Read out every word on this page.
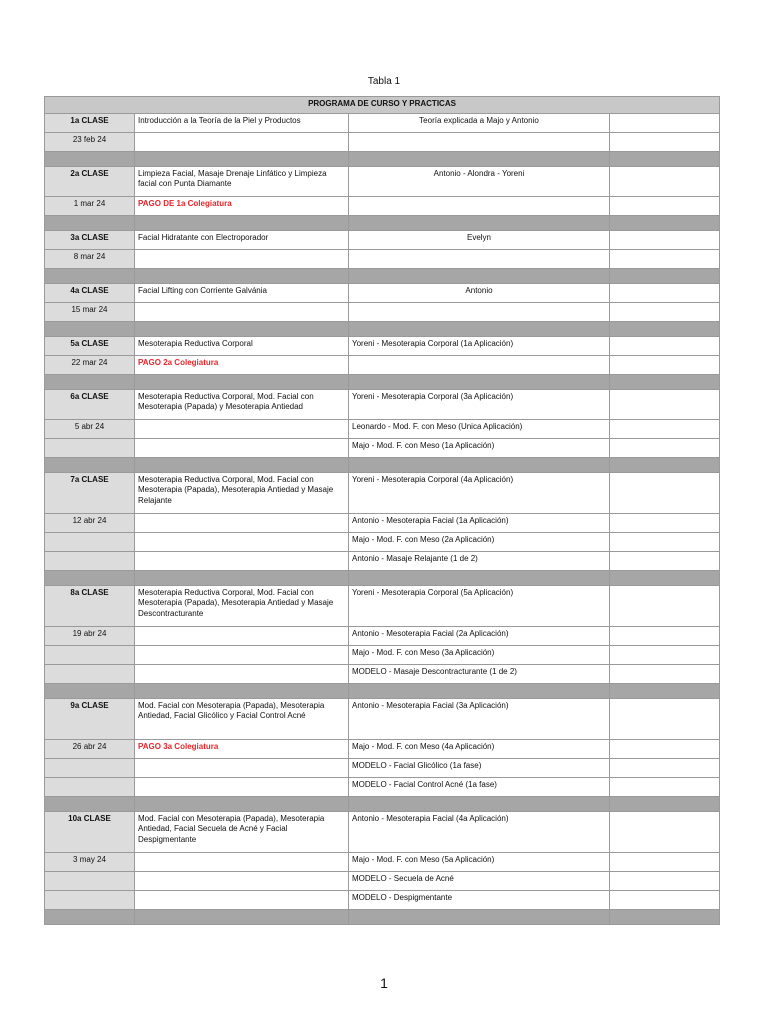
Tabla 1
PROGRAMA DE CURSO Y PRACTICAS			
1a CLASE	Introducción a la Teoría de la Piel y Productos	Teoría explicada a Majo y Antonio	
23 feb 24			

2a CLASE	Limpieza Facial, Masaje Drenaje Linfático y Limpieza facial con Punta Diamante	Antonio - Alondra - Yoreni	
1 mar 24	PAGO DE 1a Colegiatura		

3a CLASE	Facial Hidratante con Electroporador	Evelyn	
8 mar 24			

4a CLASE	Facial Lifting con Corriente Galvánia	Antonio	
15 mar 24			

5a CLASE	Mesoterapia Reductiva Corporal	Yoreni - Mesoterapia Corporal (1a Aplicación)	
22 mar 24	PAGO 2a Colegiatura		

6a CLASE	Mesoterapia Reductiva Corporal, Mod. Facial con Mesoterapia (Papada) y Mesoterapia Antiedad	Yoreni - Mesoterapia Corporal (3a Aplicación)	
5 abr 24		Leonardo - Mod. F. con Meso (Unica Aplicación)	
		Majo - Mod. F. con Meso (1a Aplicación)	

7a CLASE	Mesoterapia Reductiva Corporal, Mod. Facial con Mesoterapia (Papada), Mesoterapia Antiedad y Masaje Relajante	Yoreni - Mesoterapia Corporal (4a Aplicación)	
12 abr 24		Antonio - Mesoterapia Facial (1a Aplicación)	
		Majo - Mod. F. con Meso (2a Aplicación)	
		Antonio - Masaje Relajante (1 de 2)	

8a CLASE	Mesoterapia Reductiva Corporal, Mod. Facial con Mesoterapia (Papada), Mesoterapia Antiedad y Masaje Descontracturante	Yoreni - Mesoterapia Corporal (5a Aplicación)	
19 abr 24		Antonio - Mesoterapia Facial (2a Aplicación)	
		Majo - Mod. F. con Meso (3a Aplicación)	
		MODELO - Masaje Descontracturante (1 de 2)	

9a CLASE	Mod. Facial con Mesoterapia (Papada), Mesoterapia Antiedad, Facial Glicólico y Facial Control Acné	Antonio - Mesoterapia Facial (3a Aplicación)	
26 abr 24	PAGO 3a Colegiatura	Majo - Mod. F. con Meso (4a Aplicación)	
		MODELO - Facial Glicólico (1a fase)	
		MODELO - Facial Control Acné (1a fase)	

10a CLASE	Mod. Facial con Mesoterapia (Papada), Mesoterapia Antiedad, Facial Secuela de Acné y Facial Despigmentante	Antonio - Mesoterapia Facial (4a Aplicación)	
3 may 24		Majo - Mod. F. con Meso (5a Aplicación)	
		MODELO - Secuela de Acné	
		MODELO - Despigmentante	

1
